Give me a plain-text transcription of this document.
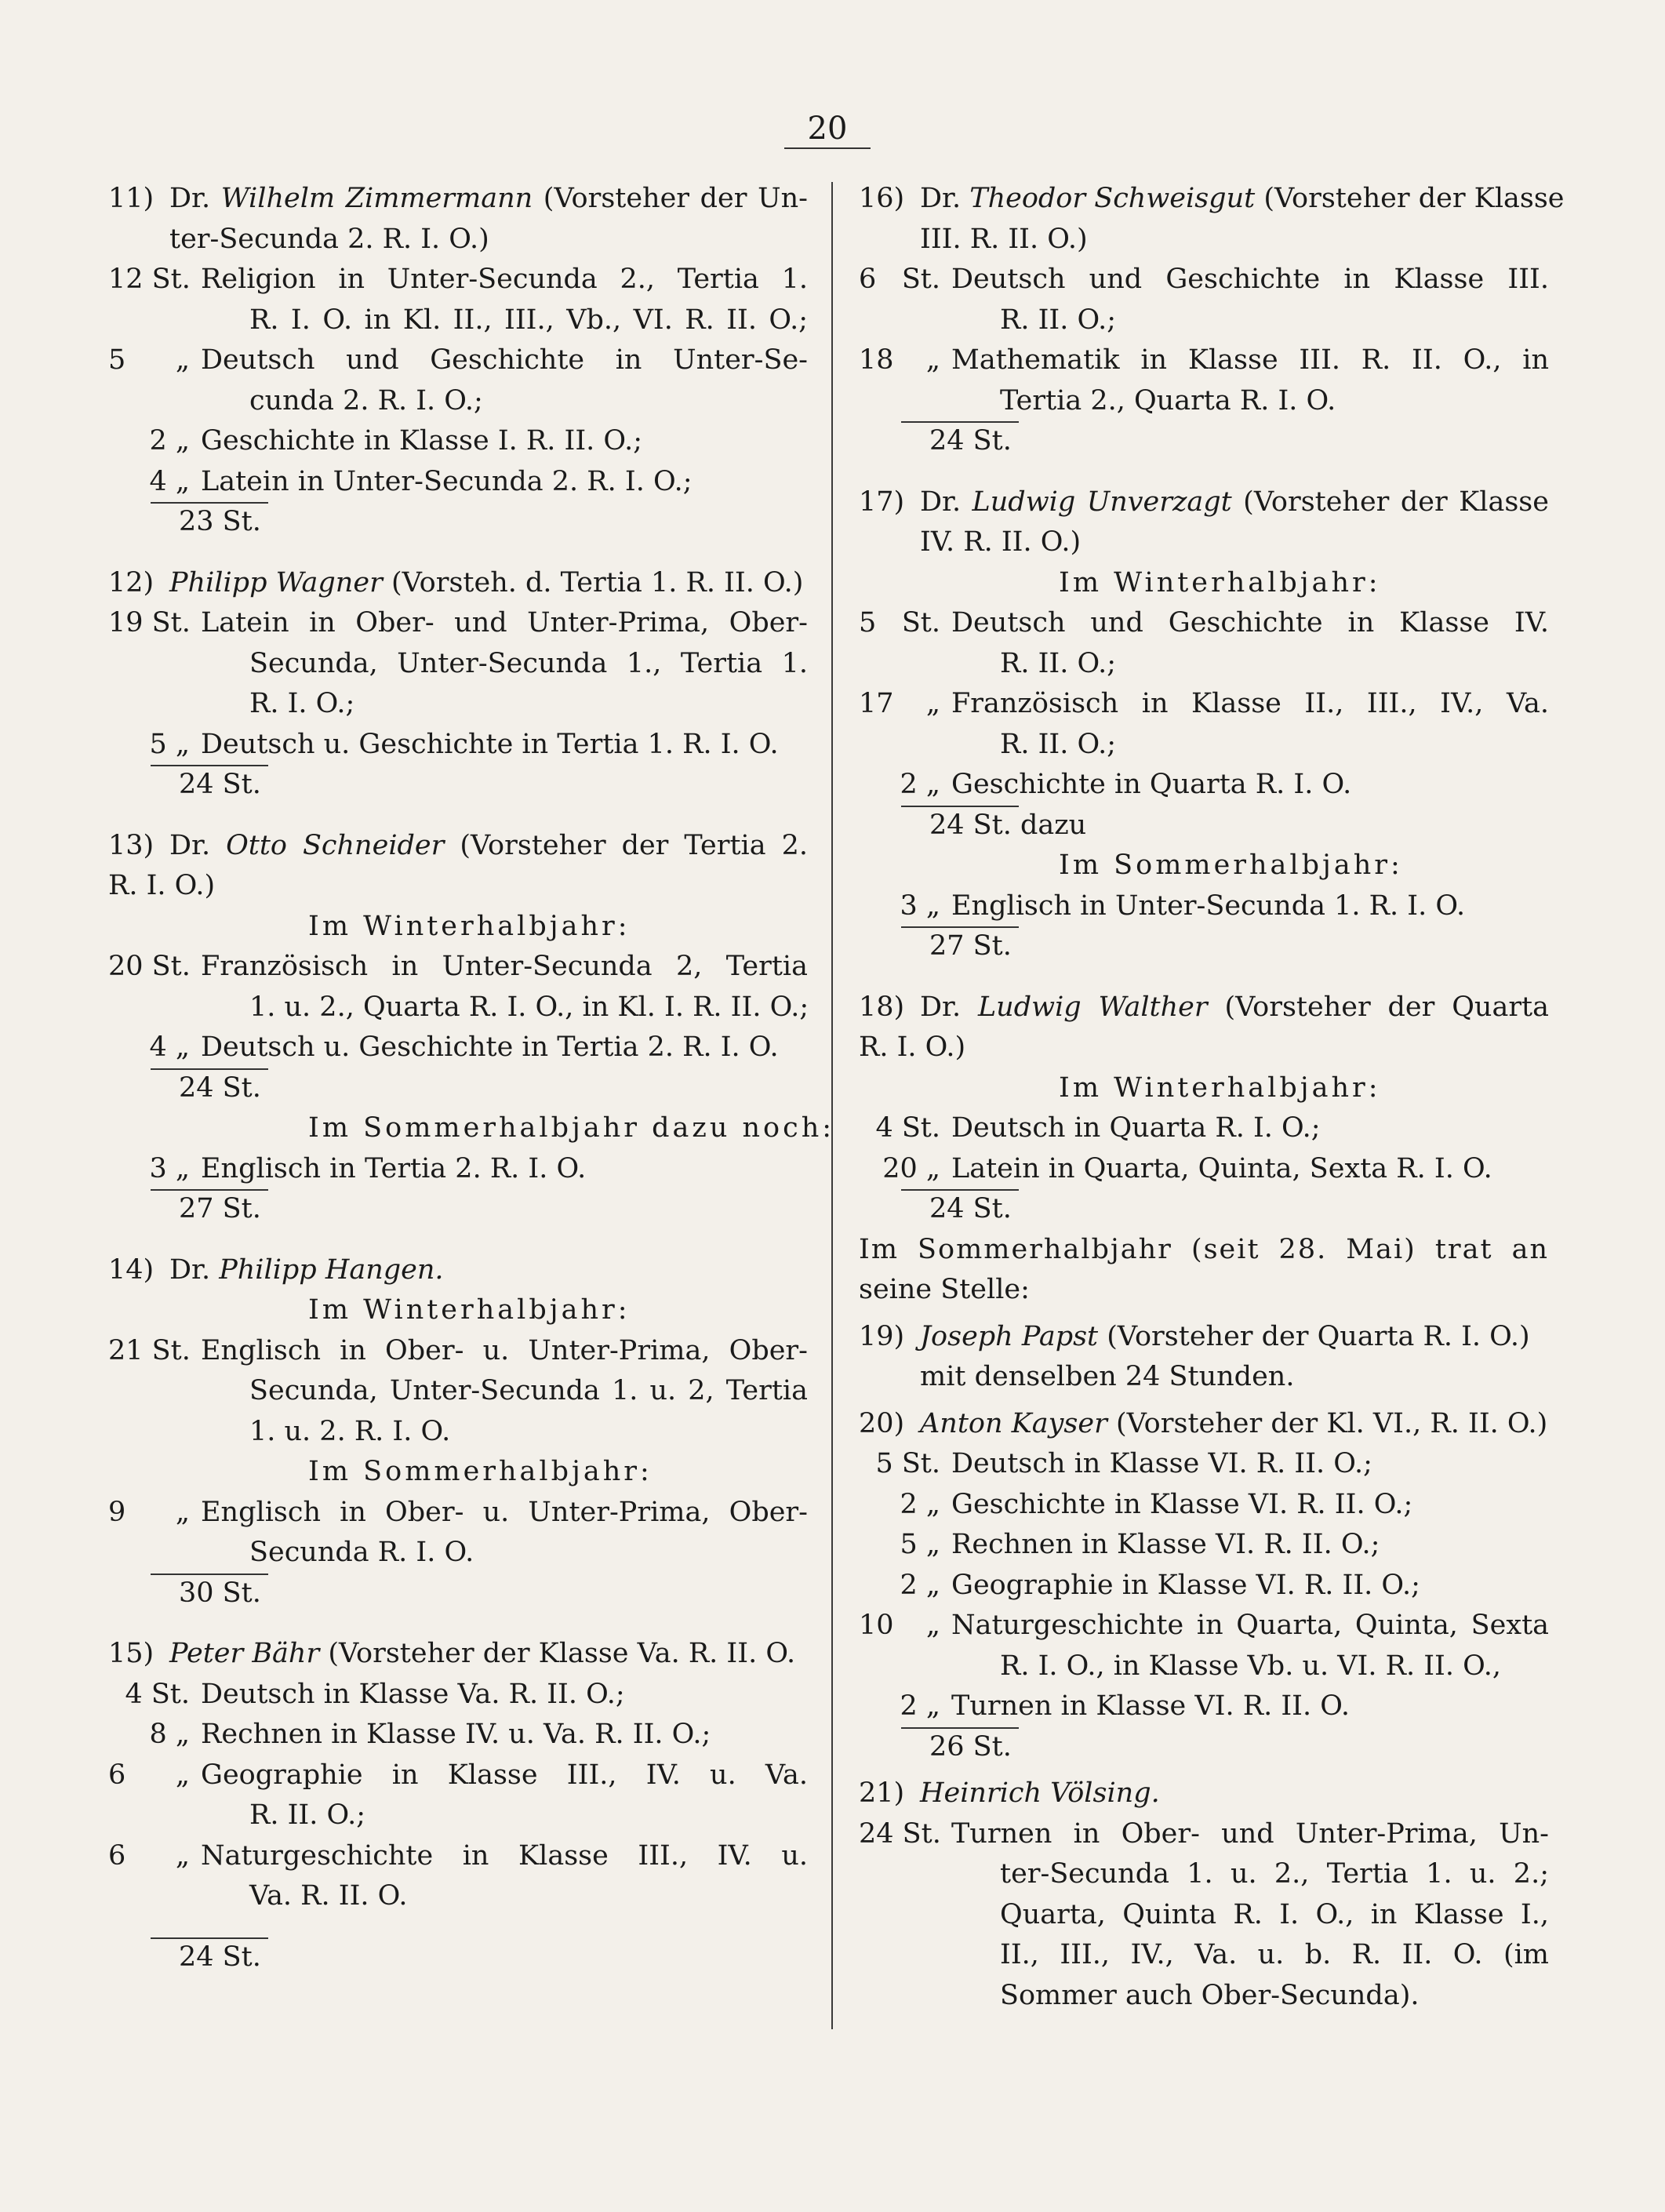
20
11) Dr. Wilhelm Zimmermann (Vorsteher der Un-
ter-Secunda 2. R. I. O.)
12 St. Religion in Unter-Secunda 2., Tertia 1.
R. I. O. in Kl. II., III., Vb., VI. R. II. O.;
5 „ Deutsch und Geschichte in Unter-Se-
cunda 2. R. I. O.;
2 „ Geschichte in Klasse I. R. II. O.;
4 „ Latein in Unter-Secunda 2. R. I. O.;
23 St.
12) Philipp Wagner (Vorsteh. d. Tertia 1. R. II. O.)
19 St. Latein in Ober- und Unter-Prima, Ober-
Secunda, Unter-Secunda 1., Tertia 1.
R. I. O.;
5 „ Deutsch u. Geschichte in Tertia 1. R. I. O.
24 St.
13) Dr. Otto Schneider (Vorsteher der Tertia 2.
R. I. O.)
Im Winterhalbjahr:
20 St. Französisch in Unter-Secunda 2, Tertia
1. u. 2., Quarta R. I. O., in Kl. I. R. II. O.;
4 „ Deutsch u. Geschichte in Tertia 2. R. I. O.
24 St.
Im Sommerhalbjahr dazu noch:
3 „ Englisch in Tertia 2. R. I. O.
27 St.
14) Dr. Philipp Hangen.
Im Winterhalbjahr:
21 St. Englisch in Ober- u. Unter-Prima, Ober-
Secunda, Unter-Secunda 1. u. 2, Tertia
1. u. 2. R. I. O.
Im Sommerhalbjahr:
9 „ Englisch in Ober- u. Unter-Prima, Ober-
Secunda R. I. O.
30 St.
15) Peter Bähr (Vorsteher der Klasse Va. R. II. O.
4 St. Deutsch in Klasse Va. R. II. O.;
8 „ Rechnen in Klasse IV. u. Va. R. II. O.;
6 „ Geographie in Klasse III., IV. u. Va.
R. II. O.;
6 „ Naturgeschichte in Klasse III., IV. u.
Va. R. II. O.
24 St.
16) Dr. Theodor Schweisgut (Vorsteher der Klasse
III. R. II. O.)
6 St. Deutsch und Geschichte in Klasse III.
R. II. O.;
18 „ Mathematik in Klasse III. R. II. O., in
Tertia 2., Quarta R. I. O.
24 St.
17) Dr. Ludwig Unverzagt (Vorsteher der Klasse
IV. R. II. O.)
Im Winterhalbjahr:
5 St. Deutsch und Geschichte in Klasse IV.
R. II. O.;
17 „ Französisch in Klasse II., III., IV., Va.
R. II. O.;
2 „ Geschichte in Quarta R. I. O.
24 St. dazu
Im Sommerhalbjahr:
3 „ Englisch in Unter-Secunda 1. R. I. O.
27 St.
18) Dr. Ludwig Walther (Vorsteher der Quarta
R. I. O.)
Im Winterhalbjahr:
4 St. Deutsch in Quarta R. I. O.;
20 „ Latein in Quarta, Quinta, Sexta R. I. O.
24 St.
Im Sommerhalbjahr (seit 28. Mai) trat an
seine Stelle:
19) Joseph Papst (Vorsteher der Quarta R. I. O.)
mit denselben 24 Stunden.
20) Anton Kayser (Vorsteher der Kl. VI., R. II. O.)
5 St. Deutsch in Klasse VI. R. II. O.;
2 „ Geschichte in Klasse VI. R. II. O.;
5 „ Rechnen in Klasse VI. R. II. O.;
2 „ Geographie in Klasse VI. R. II. O.;
10 „ Naturgeschichte in Quarta, Quinta, Sexta
R. I. O., in Klasse Vb. u. VI. R. II. O.,
2 „ Turnen in Klasse VI. R. II. O.
26 St.
21) Heinrich Völsing.
24 St. Turnen in Ober- und Unter-Prima, Un-
ter-Secunda 1. u. 2., Tertia 1. u. 2.;
Quarta, Quinta R. I. O., in Klasse I.,
II., III., IV., Va. u. b. R. II. O. (im
Sommer auch Ober-Secunda).
